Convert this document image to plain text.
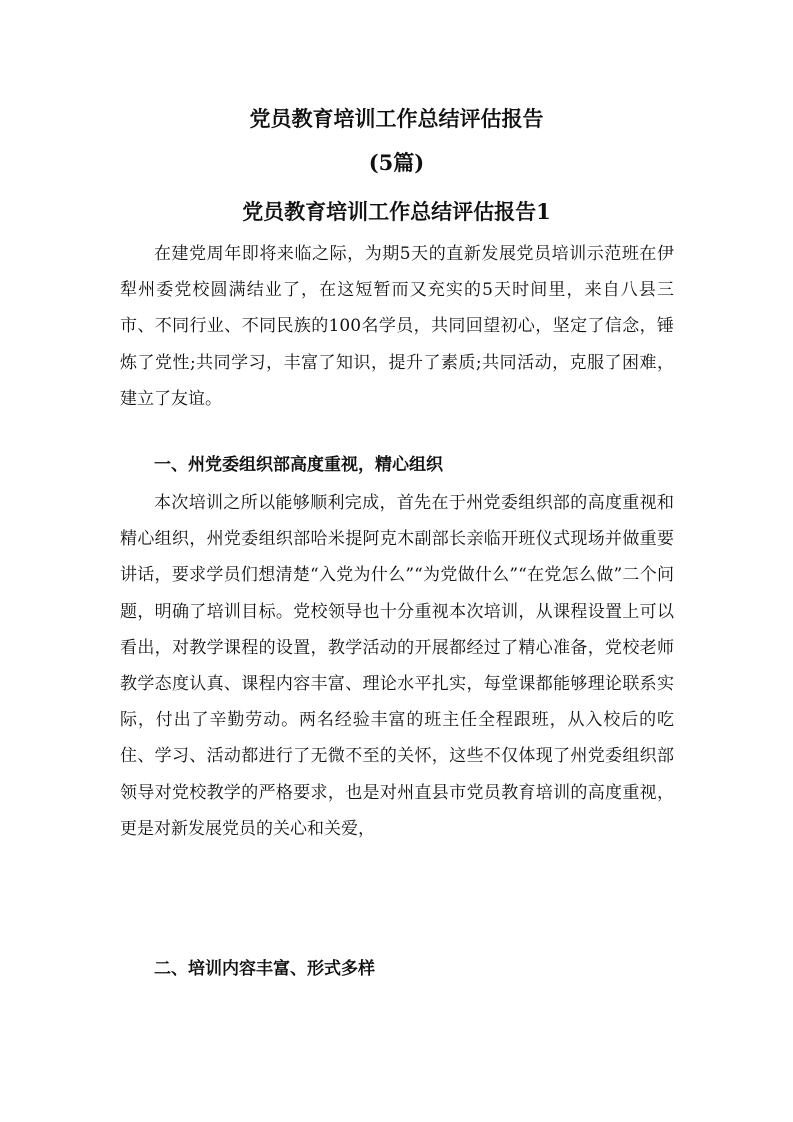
党员教育培训工作总结评估报告
(5篇)
党员教育培训工作总结评估报告1

在建党周年即将来临之际，为期5天的直新发展党员培训示范班在伊犁州委党校圆满结业了，在这短暂而又充实的5天时间里，来自八县三市、不同行业、不同民族的100名学员，共同回望初心，坚定了信念，锤炼了党性;共同学习，丰富了知识，提升了素质;共同活动，克服了困难，建立了友谊。

一、州党委组织部高度重视，精心组织

本次培训之所以能够顺利完成，首先在于州党委组织部的高度重视和精心组织，州党委组织部哈米提阿克木副部长亲临开班仪式现场并做重要讲话，要求学员们想清楚“入党为什么”“为党做什么”“在党怎么做”二个问题，明确了培训目标。党校领导也十分重视本次培训，从课程设置上可以看出，对教学课程的设置，教学活动的开展都经过了精心准备，党校老师教学态度认真、课程内容丰富、理论水平扎实，每堂课都能够理论联系实际，付出了辛勤劳动。两名经验丰富的班主任全程跟班，从入校后的吃住、学习、活动都进行了无微不至的关怀，这些不仅体现了州党委组织部领导对党校教学的严格要求，也是对州直县市党员教育培训的高度重视，更是对新发展党员的关心和关爱，

二、培训内容丰富、形式多样
